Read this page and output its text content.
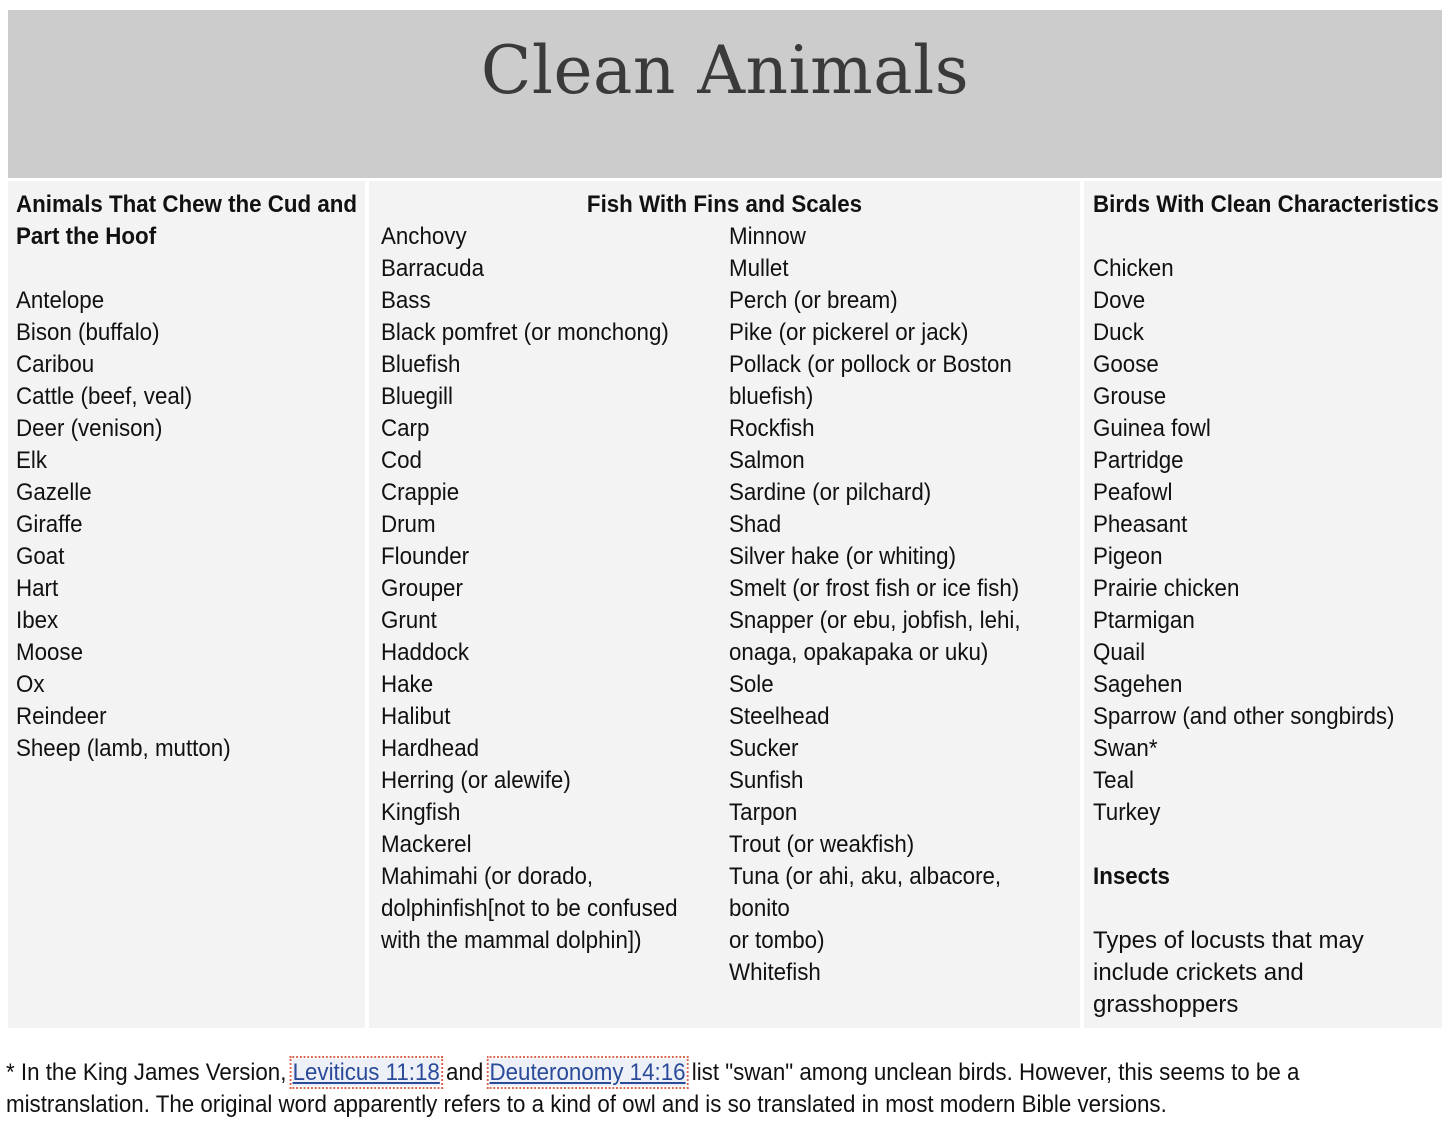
Clean Animals
Animals That Chew the Cud and
Part the Hoof
Antelope
Bison (buffalo)
Caribou
Cattle (beef, veal)
Deer (venison)
Elk
Gazelle
Giraffe
Goat
Hart
Ibex
Moose
Ox
Reindeer
Sheep (lamb, mutton)
Fish With Fins and Scales
Anchovy
Barracuda
Bass
Black pomfret (or monchong)
Bluefish
Bluegill
Carp
Cod
Crappie
Drum
Flounder
Grouper
Grunt
Haddock
Hake
Halibut
Hardhead
Herring (or alewife)
Kingfish
Mackerel
Mahimahi (or dorado,
dolphinfish[not to be confused
with the mammal dolphin])
Minnow
Mullet
Perch (or bream)
Pike (or pickerel or jack)
Pollack (or pollock or Boston
bluefish)
Rockfish
Salmon
Sardine (or pilchard)
Shad
Silver hake (or whiting)
Smelt (or frost fish or ice fish)
Snapper (or ebu, jobfish, lehi,
onaga, opakapaka or uku)
Sole
Steelhead
Sucker
Sunfish
Tarpon
Trout (or weakfish)
Tuna (or ahi, aku, albacore,
bonito
or tombo)
Whitefish
Birds With Clean Characteristics
Chicken
Dove
Duck
Goose
Grouse
Guinea fowl
Partridge
Peafowl
Pheasant
Pigeon
Prairie chicken
Ptarmigan
Quail
Sagehen
Sparrow (and other songbirds)
Swan*
Teal
Turkey
Insects
Types of locusts that may include crickets and grasshoppers
* In the King James Version, Leviticus 11:18 and Deuteronomy 14:16 list "swan" among unclean birds. However, this seems to be a mistranslation. The original word apparently refers to a kind of owl and is so translated in most modern Bible versions.
